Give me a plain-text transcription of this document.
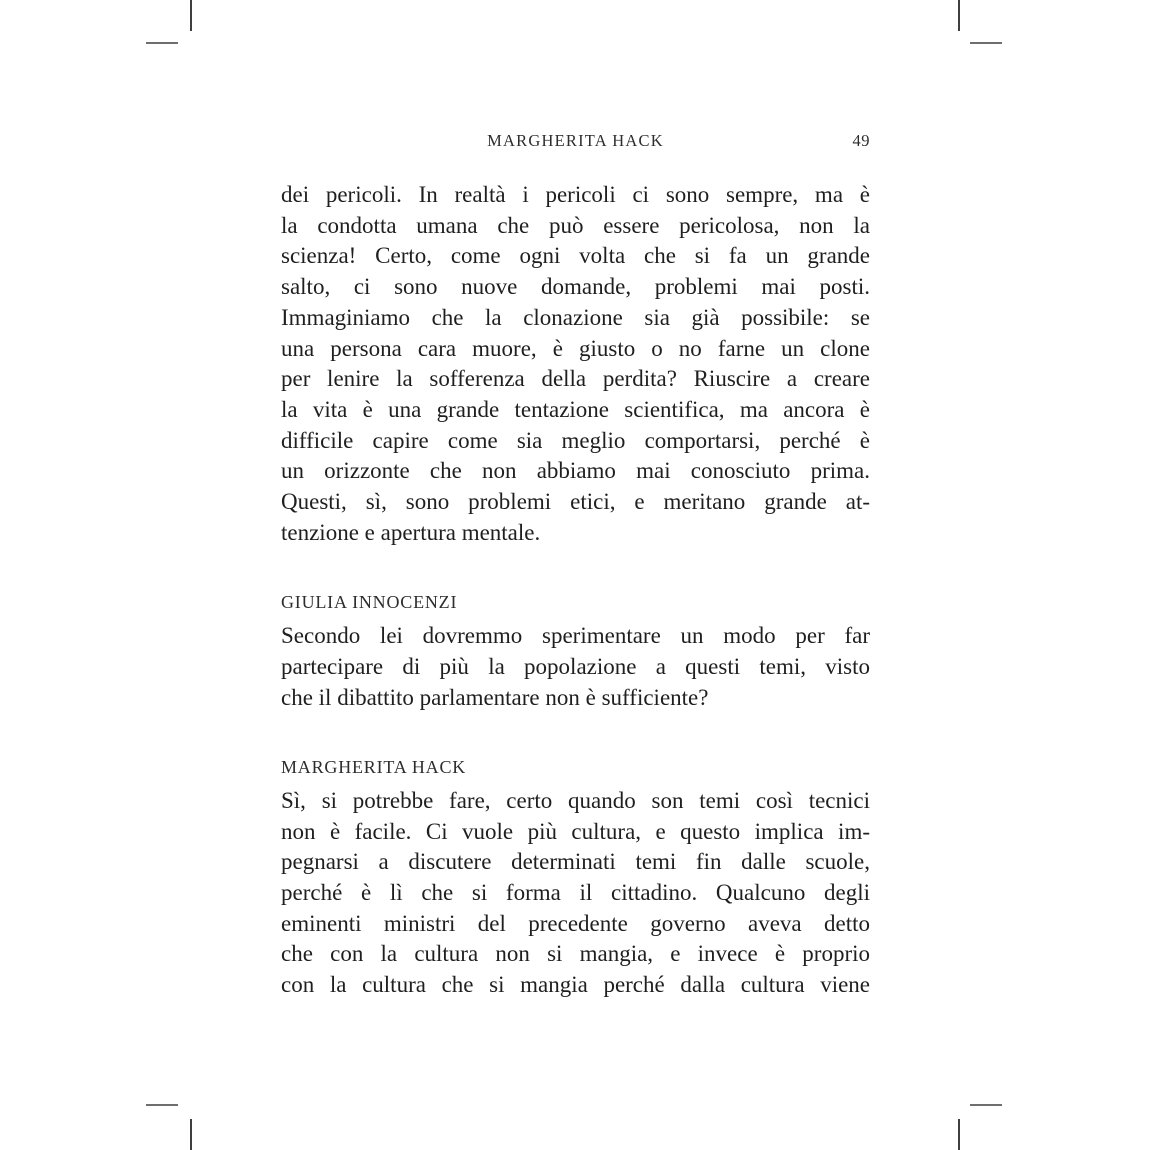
MARGHERITA HACK	49
dei pericoli. In realtà i pericoli ci sono sempre, ma è
la condotta umana che può essere pericolosa, non la
scienza! Certo, come ogni volta che si fa un grande
salto, ci sono nuove domande, problemi mai posti.
Immaginiamo che la clonazione sia già possibile: se
una persona cara muore, è giusto o no farne un clone
per lenire la sofferenza della perdita? Riuscire a creare
la vita è una grande tentazione scientifica, ma ancora è
difficile capire come sia meglio comportarsi, perché è
un orizzonte che non abbiamo mai conosciuto prima.
Questi, sì, sono problemi etici, e meritano grande at-
tenzione e apertura mentale.
GIULIA INNOCENZI
Secondo lei dovremmo sperimentare un modo per far
partecipare di più la popolazione a questi temi, visto
che il dibattito parlamentare non è sufficiente?
MARGHERITA HACK
Sì, si potrebbe fare, certo quando son temi così tecnici
non è facile. Ci vuole più cultura, e questo implica im-
pegnarsi a discutere determinati temi fin dalle scuole,
perché è lì che si forma il cittadino. Qualcuno degli
eminenti ministri del precedente governo aveva detto
che con la cultura non si mangia, e invece è proprio
con la cultura che si mangia perché dalla cultura viene
